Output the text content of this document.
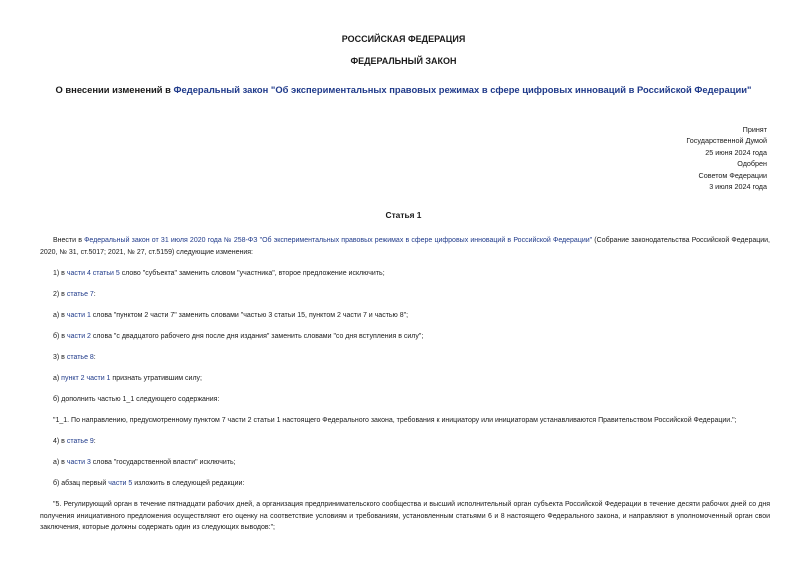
РОССИЙСКАЯ ФЕДЕРАЦИЯ
ФЕДЕРАЛЬНЫЙ ЗАКОН
О внесении изменений в Федеральный закон "Об экспериментальных правовых режимах в сфере цифровых инноваций в Российской Федерации"
Принят
Государственной Думой
25 июня 2024 года
Одобрен
Советом Федерации
3 июля 2024 года
Статья 1

Внести в Федеральный закон от 31 июля 2020 года № 258-ФЗ "Об экспериментальных правовых режимах в сфере цифровых инноваций в Российской Федерации" (Собрание законодательства Российской Федерации, 2020, № 31, ст.5017; 2021, № 27, ст.5159) следующие изменения:

1) в части 4 статьи 5 слово "субъекта" заменить словом "участника", второе предложение исключить;

2) в статье 7:

а) в части 1 слова "пунктом 2 части 7" заменить словами "частью 3 статьи 15, пунктом 2 части 7 и частью 8";

б) в части 2 слова "с двадцатого рабочего дня после дня издания" заменить словами "со дня вступления в силу";

3) в статье 8:

а) пункт 2 части 1 признать утратившим силу;

б) дополнить частью 1_1 следующего содержания:

"1_1. По направлению, предусмотренному пунктом 7 части 2 статьи 1 настоящего Федерального закона, требования к инициатору или инициаторам устанавливаются Правительством Российской Федерации.";

4) в статье 9:

а) в части 3 слова "государственной власти" исключить;

б) абзац первый части 5 изложить в следующей редакции:

"5. Регулирующий орган в течение пятнадцати рабочих дней, а организация предпринимательского сообщества и высший исполнительный орган субъекта Российской Федерации в течение десяти рабочих дней со дня получения инициативного предложения осуществляют его оценку на соответствие условиям и требованиям, установленным статьями 6 и 8 настоящего Федерального закона, и направляют в уполномоченный орган свои заключения, которые должны содержать один из следующих выводов:";
